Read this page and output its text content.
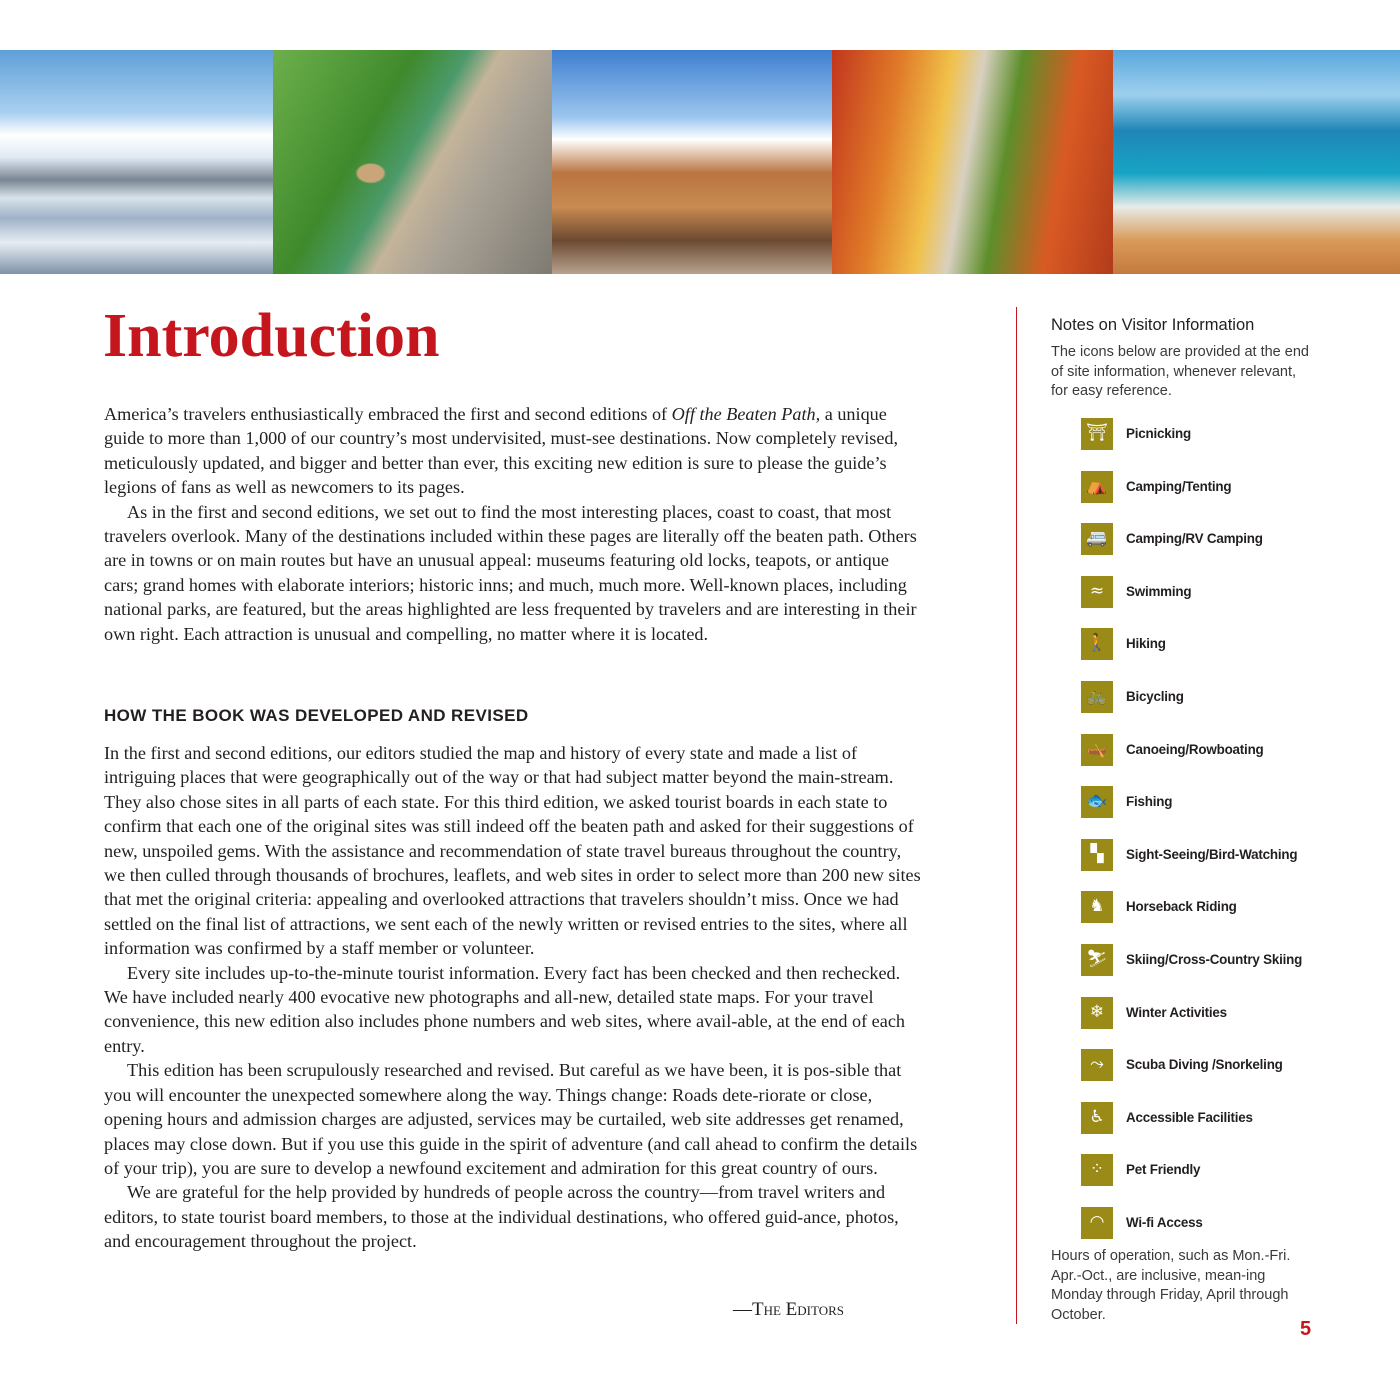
Introduction

America’s travelers enthusiastically embraced the first and second editions of Off the Beaten Path, a unique guide to more than 1,000 of our country’s most undervisited, must-see destinations. Now completely revised, meticulously updated, and bigger and better than ever, this exciting new edition is sure to please the guide’s legions of fans as well as newcomers to its pages.

As in the first and second editions, we set out to find the most interesting places, coast to coast, that most travelers overlook. Many of the destinations included within these pages are literally off the beaten path. Others are in towns or on main routes but have an unusual appeal: museums featuring old locks, teapots, or antique cars; grand homes with elaborate interiors; historic inns; and much, much more. Well-known places, including national parks, are featured, but the areas highlighted are less frequented by travelers and are interesting in their own right. Each attraction is unusual and compelling, no matter where it is located.

HOW THE BOOK WAS DEVELOPED AND REVISED

In the first and second editions, our editors studied the map and history of every state and made a list of intriguing places that were geographically out of the way or that had subject matter beyond the main-stream. They also chose sites in all parts of each state. For this third edition, we asked tourist boards in each state to confirm that each one of the original sites was still indeed off the beaten path and asked for their suggestions of new, unspoiled gems. With the assistance and recommendation of state travel bureaus throughout the country, we then culled through thousands of brochures, leaflets, and web sites in order to select more than 200 new sites that met the original criteria: appealing and overlooked attractions that travelers shouldn’t miss. Once we had settled on the final list of attractions, we sent each of the newly written or revised entries to the sites, where all information was confirmed by a staff member or volunteer.

Every site includes up-to-the-minute tourist information. Every fact has been checked and then rechecked. We have included nearly 400 evocative new photographs and all-new, detailed state maps. For your travel convenience, this new edition also includes phone numbers and web sites, where avail-able, at the end of each entry.

This edition has been scrupulously researched and revised. But careful as we have been, it is pos-sible that you will encounter the unexpected somewhere along the way. Things change: Roads dete-riorate or close, opening hours and admission charges are adjusted, services may be curtailed, web site addresses get renamed, places may close down. But if you use this guide in the spirit of adventure (and call ahead to confirm the details of your trip), you are sure to develop a newfound excitement and admiration for this great country of ours.

We are grateful for the help provided by hundreds of people across the country—from travel writers and editors, to state tourist board members, to those at the individual destinations, who offered guid-ance, photos, and encouragement throughout the project.

—The Editors
Notes on Visitor Information
The icons below are provided at the end of site information, whenever relevant, for easy reference.
⛩	Picnicking
⛺	Camping/Tenting
🚐	Camping/RV Camping
≈	Swimming
🚶	Hiking
🚲	Bicycling
🛶	Canoeing/Rowboating
🐟	Fishing
▚	Sight-Seeing/Bird-Watching
♞	Horseback Riding
⛷	Skiing/Cross-Country Skiing
❄	Winter Activities
⤳	Scuba Diving /Snorkeling
♿	Accessible Facilities
⁘	Pet Friendly
◠	Wi-fi Access
Hours of operation, such as Mon.-Fri. Apr.-Oct., are inclusive, mean-ing Monday through Friday, April through October.
5
